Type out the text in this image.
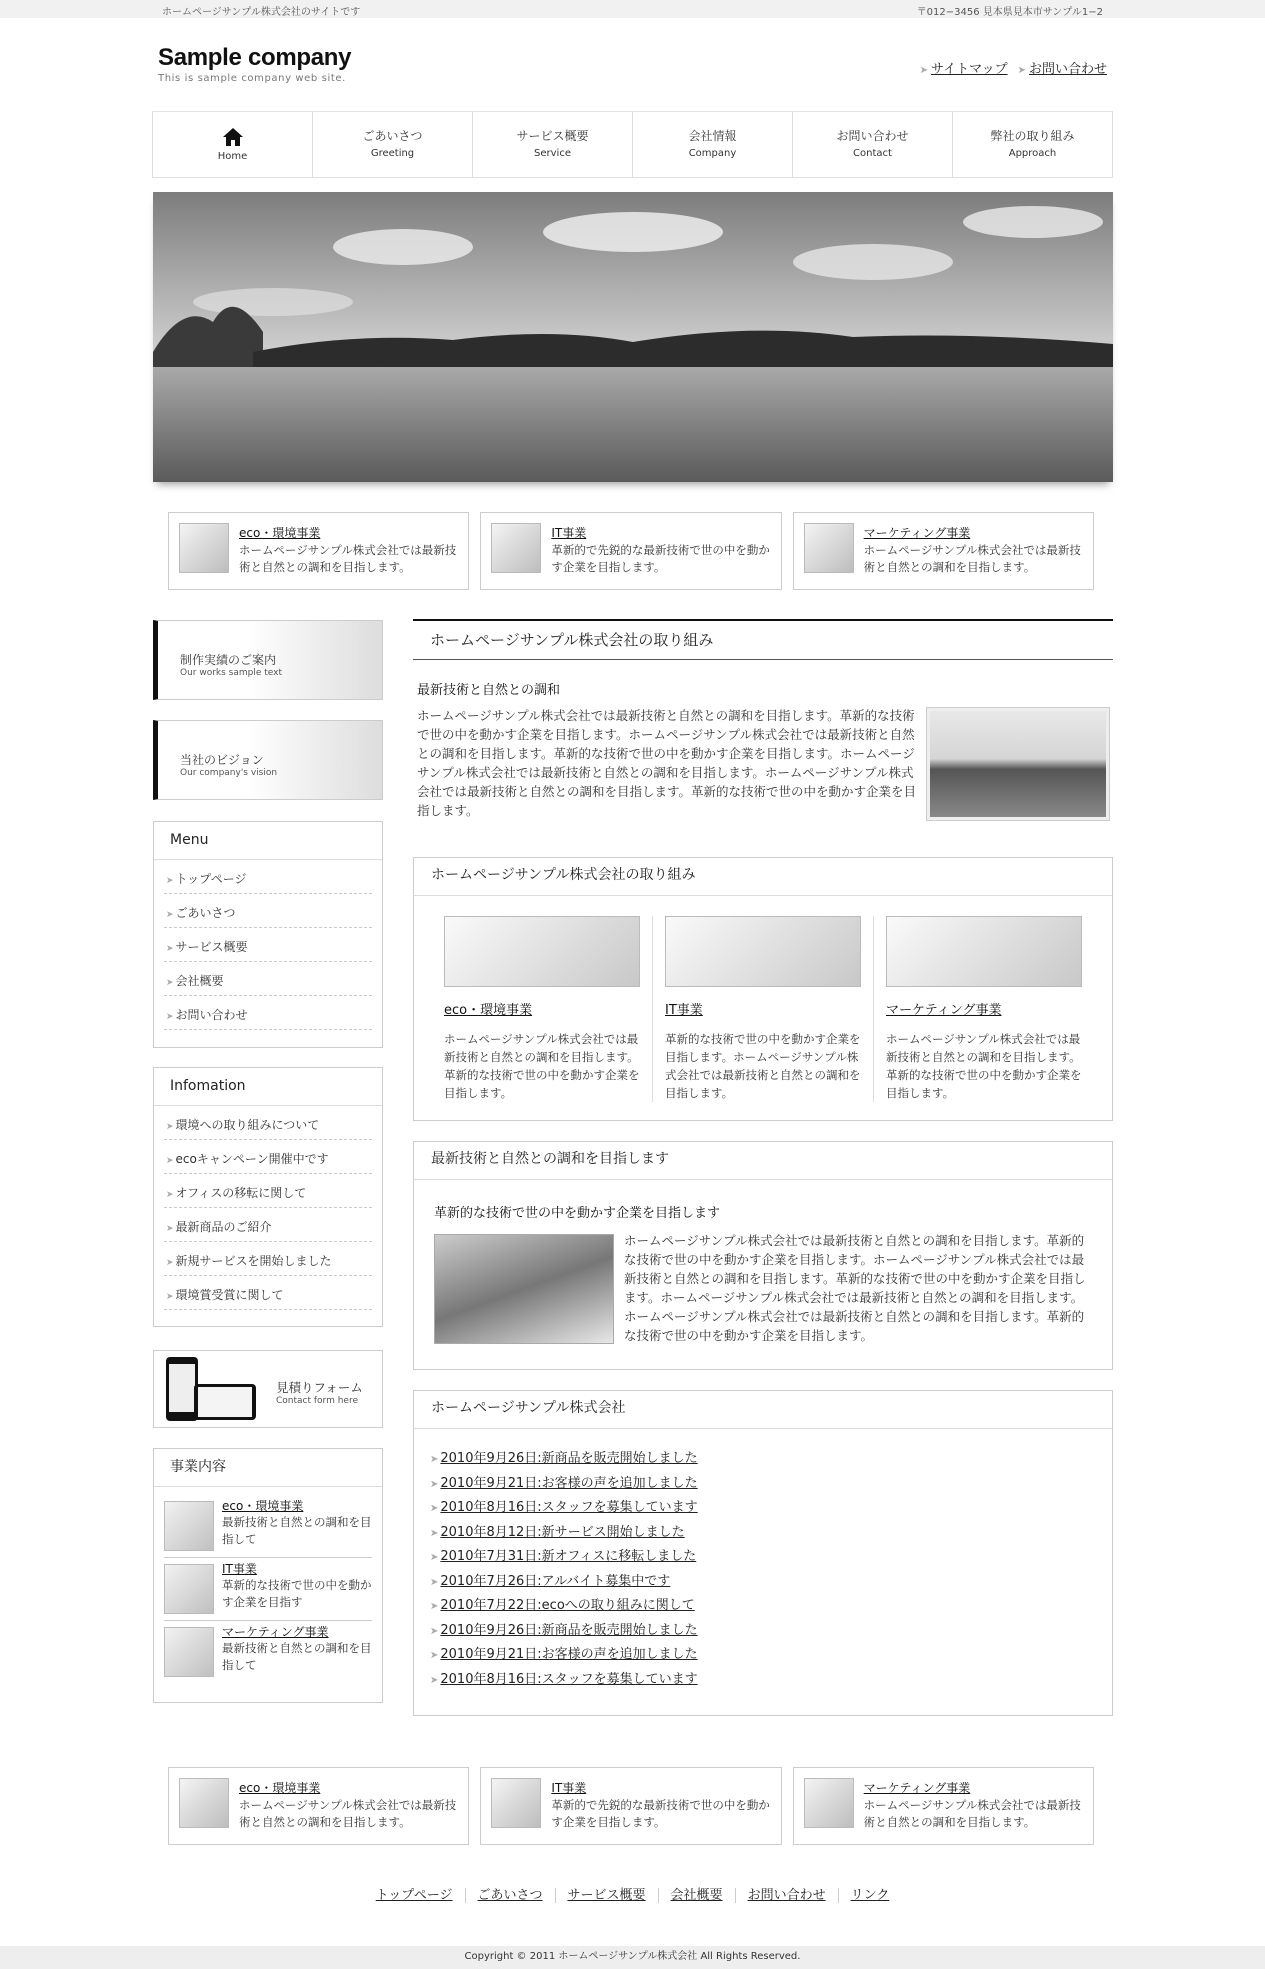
ホームページサンプル株式会社のサイトです	〒012−3456 見本県見本市サンプル1−2
Sample company
This is sample company web site.
➤ サイトマップ ➤ お問い合わせ
Home
ごあいさつ
Greeting
サービス概要
Service
会社情報
Company
お問い合わせ
Contact
弊社の取り組み
Approach
eco・環境事業
ホームページサンプル株式会社では最新技術と自然との調和を目指します。
IT事業
革新的で先鋭的な最新技術で世の中を動かす企業を目指します。
マーケティング事業
ホームページサンプル株式会社では最新技術と自然との調和を目指します。
制作実績のご案内
Our works sample text
当社のビジョン
Our company's vision
Menu
➤ トップページ
➤ ごあいさつ
➤ サービス概要
➤ 会社概要
➤ お問い合わせ
Infomation
➤ 環境への取り組みについて
➤ ecoキャンペーン開催中です
➤ オフィスの移転に関して
➤ 最新商品のご紹介
➤ 新規サービスを開始しました
➤ 環境賞受賞に関して
見積りフォーム
Contact form here
事業内容
eco・環境事業
最新技術と自然との調和を目指して
IT事業
革新的な技術で世の中を動かす企業を目指す
マーケティング事業
最新技術と自然との調和を目指して
ホームページサンプル株式会社の取り組み
最新技術と自然との調和
ホームページサンプル株式会社では最新技術と自然との調和を目指します。革新的な技術で世の中を動かす企業を目指します。ホームページサンプル株式会社では最新技術と自然との調和を目指します。革新的な技術で世の中を動かす企業を目指します。ホームページサンプル株式会社では最新技術と自然との調和を目指します。ホームページサンプル株式会社では最新技術と自然との調和を目指します。革新的な技術で世の中を動かす企業を目指します。
ホームページサンプル株式会社の取り組み
eco・環境事業
ホームページサンプル株式会社では最新技術と自然との調和を目指します。革新的な技術で世の中を動かす企業を目指します。
IT事業
革新的な技術で世の中を動かす企業を目指します。ホームページサンプル株式会社では最新技術と自然との調和を目指します。
マーケティング事業
ホームページサンプル株式会社では最新技術と自然との調和を目指します。革新的な技術で世の中を動かす企業を目指します。
最新技術と自然との調和を目指します
革新的な技術で世の中を動かす企業を目指します
ホームページサンプル株式会社では最新技術と自然との調和を目指します。革新的な技術で世の中を動かす企業を目指します。ホームページサンプル株式会社では最新技術と自然との調和を目指します。革新的な技術で世の中を動かす企業を目指します。ホームページサンプル株式会社では最新技術と自然との調和を目指します。ホームページサンプル株式会社では最新技術と自然との調和を目指します。革新的な技術で世の中を動かす企業を目指します。
ホームページサンプル株式会社
➤ 2010年9月26日:新商品を販売開始しました
➤ 2010年9月21日:お客様の声を追加しました
➤ 2010年8月16日:スタッフを募集しています
➤ 2010年8月12日:新サービス開始しました
➤ 2010年7月31日:新オフィスに移転しました
➤ 2010年7月26日:アルバイト募集中です
➤ 2010年7月22日:ecoへの取り組みに関して
➤ 2010年9月26日:新商品を販売開始しました
➤ 2010年9月21日:お客様の声を追加しました
➤ 2010年8月16日:スタッフを募集しています
eco・環境事業
ホームページサンプル株式会社では最新技術と自然との調和を目指します。
IT事業
革新的で先鋭的な最新技術で世の中を動かす企業を目指します。
マーケティング事業
ホームページサンプル株式会社では最新技術と自然との調和を目指します。
トップページ ごあいさつ サービス概要 会社概要 お問い合わせ リンク
Copyright © 2011 ホームページサンプル株式会社 All Rights Reserved.
